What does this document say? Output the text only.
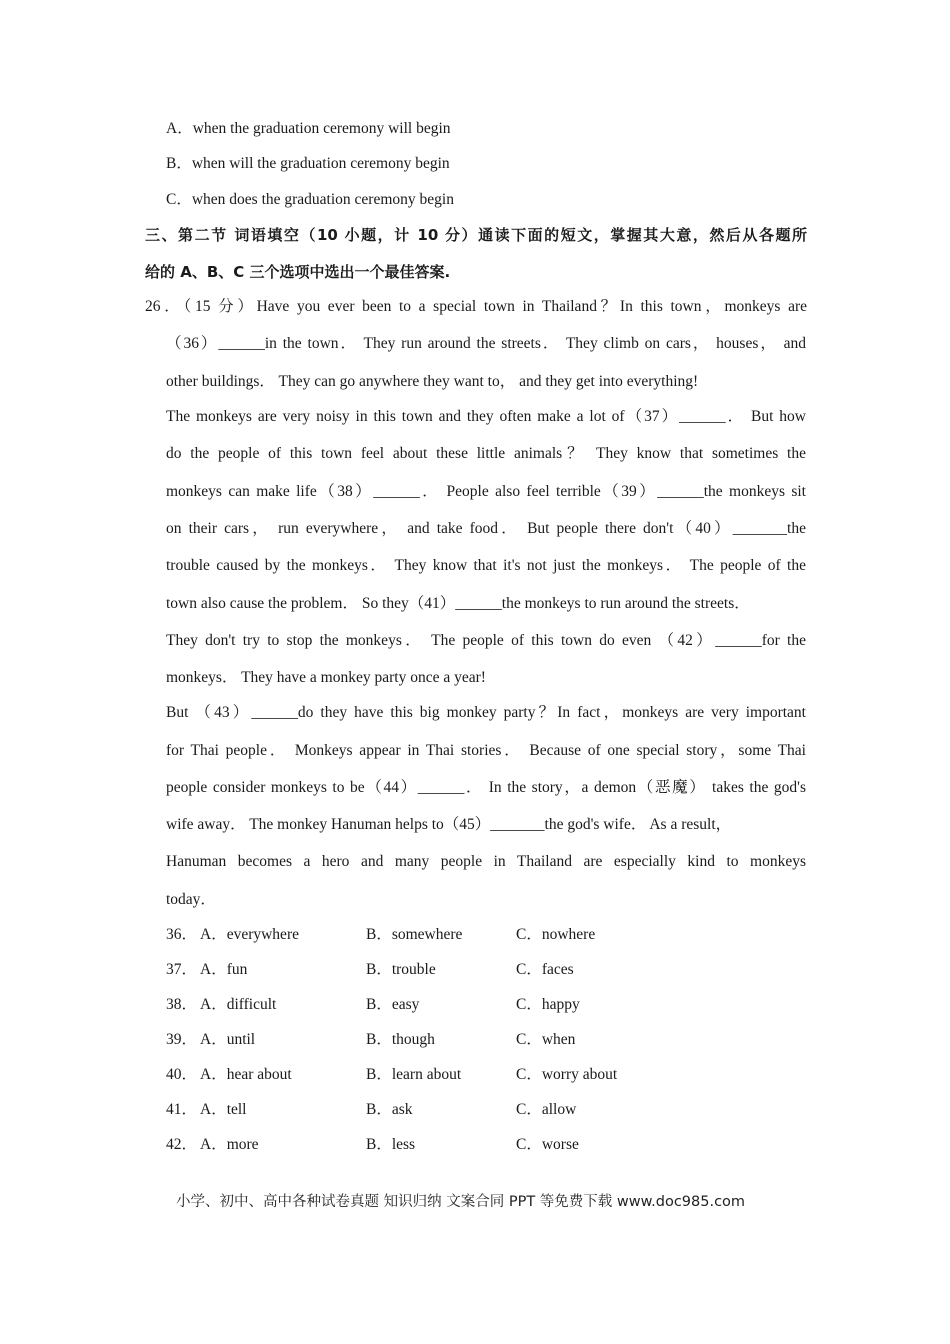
A．when the graduation ceremony will begin
B．when will the graduation ceremony begin
C．when does the graduation ceremony begin
三、第二节 词语填空（10 小题，计 10 分）通读下面的短文，掌握其大意，然后从各题所
给的 A、B、C 三个选项中选出一个最佳答案.
26．（15 分）Have you ever been to a special town in Thailand？In this town，monkeys are
（36）______in the town． They run around the streets． They climb on cars， houses， and
other buildings． They can go anywhere they want to， and they get into everything!
The monkeys are very noisy in this town and they often make a lot of（37）______． But how
do the people of this town feel about these little animals？ They know that sometimes the
monkeys can make life（38）______． People also feel terrible（39）______the monkeys sit
on their cars， run everywhere， and take food． But people there don't（40）_______the
trouble caused by the monkeys． They know that it's not just the monkeys． The people of the
town also cause the problem． So they（41）______the monkeys to run around the streets．
They don't try to stop the monkeys． The people of this town do even （42）______for the
monkeys． They have a monkey party once a year!
But （43）______do they have this big monkey party？In fact，monkeys are very important
for Thai people． Monkeys appear in Thai stories． Because of one special story，some Thai
people consider monkeys to be（44）______． In the story，a demon（恶魔） takes the god's
wife away． The monkey Hanuman helps to（45）_______the god's wife． As a result，
Hanuman becomes a hero and many people in Thailand are especially kind to monkeys
today．
36． A．everywhere	B．somewhere	C．nowhere
37． A．fun	B．trouble	C．faces
38． A．difficult	B．easy	C．happy
39． A．until	B．though	C．when
40． A．hear about	B．learn about	C．worry about
41． A．tell	B．ask	C．allow
42． A．more	B．less	C．worse
小学、初中、高中各种试卷真题 知识归纳 文案合同 PPT 等免费下载 www.doc985.com
